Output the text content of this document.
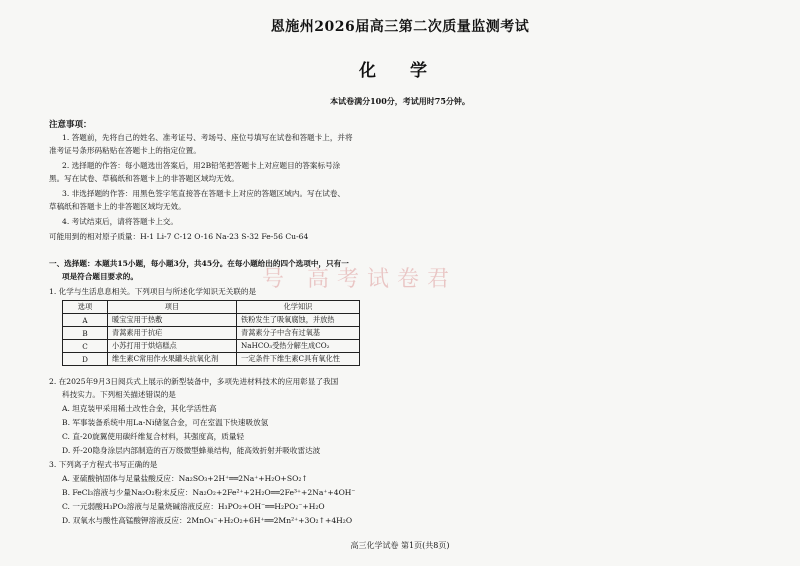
恩施州2026届高三第二次质量监测考试
化 学
本试卷满分100分，考试用时75分钟。
注意事项：
1. 答题前，先将自己的姓名、准考证号、考场号、座位号填写在试卷和答题卡上，并将
准考证号条形码粘贴在答题卡上的指定位置。
2. 选择题的作答：每小题选出答案后，用2B铅笔把答题卡上对应题目的答案标号涂
黑。写在试卷、草稿纸和答题卡上的非答题区域均无效。
3. 非选择题的作答：用黑色签字笔直接答在答题卡上对应的答题区域内。写在试卷、
草稿纸和答题卡上的非答题区域均无效。
4. 考试结束后，请将答题卡上交。
可能用到的相对原子质量：H-1 Li-7 C-12 O-16 Na-23 S-32 Fe-56 Cu-64
一、选择题：本题共15小题，每小题3分，共45分。在每小题给出的四个选项中，只有一
项是符合题目要求的。	号 高考试卷君
1. 化学与生活息息相关。下列项目与所述化学知识无关联的是
选项	项目	化学知识
A	暖宝宝用于热敷	铁粉发生了吸氧腐蚀，并放热
B	青蒿素用于抗疟	青蒿素分子中含有过氧基
C	小苏打用于烘焙糕点	NaHCO₃受热分解生成CO₂
D	维生素C常用作水果罐头抗氧化剂	一定条件下维生素C具有氧化性
2. 在2025年9月3日阅兵式上展示的新型装备中，多项先进材料技术的应用彰显了我国
科技实力。下列相关描述错误的是
A. 坦克装甲采用稀土改性合金，其化学活性高
B. 军事装备系统中用La-Ni储氢合金，可在室温下快速吸放氢
C. 直-20旋翼使用碳纤维复合材料，其强度高，质量轻
D. 歼-20隐身涂层内部制造的百万级微型蜂巢结构，能高效折射并吸收雷达波
3. 下列离子方程式书写正确的是
A. 亚硫酸钠固体与足量盐酸反应：Na₂SO₃+2H⁺══2Na⁺+H₂O+SO₂↑
B. FeCl₃溶液与少量Na₂O₂粉末反应：Na₂O₂+2Fe²⁺+2H₂O══2Fe³⁺+2Na⁺+4OH⁻
C. 一元弱酸H₃PO₂溶液与足量烧碱溶液反应：H₃PO₂+OH⁻══H₂PO₂⁻+H₂O
D. 双氧水与酸性高锰酸钾溶液反应：2MnO₄⁻+H₂O₂+6H⁺══2Mn²⁺+3O₂↑+4H₂O
高三化学试卷 第1页(共8页)
